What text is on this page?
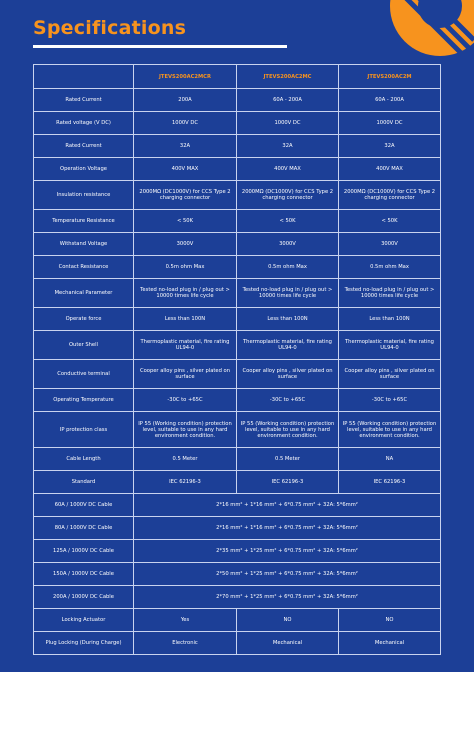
Specifications
	JTEVS200AC2MCR	JTEVS200AC2MC	JTEVS200AC2M
Rated Current	200A	60A - 200A	60A - 200A
Rated voltage (V DC)	1000V DC	1000V DC	1000V DC
Rated Current	32A	32A	32A
Operation Voltage	400V MAX	400V MAX	400V MAX
Insulation resistance	2000MΩ (DC1000V) for CCS Type 2 charging connector	2000MΩ (DC1000V) for CCS Type 2 charging connector	2000MΩ (DC1000V) for CCS Type 2 charging connector
Temperature Resistance	< 50K	< 50K	< 50K
Withstand Voltage	3000V	3000V	3000V
Contact Resistance	0.5m ohm Max	0.5m ohm Max	0.5m ohm Max
Mechanical Parameter	Tested no-load plug in / plug out > 10000 times life cycle	Tested no-load plug in / plug out > 10000 times life cycle	Tested no-load plug in / plug out > 10000 times life cycle
Operate force	Less than 100N	Less than 100N	Less than 100N
Outer Shell	Thermoplastic material, fire rating UL94-0	Thermoplastic material, fire rating UL94-0	Thermoplastic material, fire rating UL94-0
Conductive terminal	Cooper alloy pins , silver plated on surface	Cooper alloy pins , silver plated on surface	Cooper alloy pins , silver plated on surface
Operating Temperature	-30C to +65C	-30C to +65C	-30C to +65C
IP protection class	IP 55 (Working condition) protection level, suitable to use in any hard environment condition.	IP 55 (Working condition) protection level, suitable to use in any hard environment condition.	IP 55 (Working condition) protection level, suitable to use in any hard environment condition.
Cable Length	0.5 Meter	0.5 Meter	NA
Standard	IEC 62196-3	IEC 62196-3	IEC 62196-3
60A / 1000V DC Cable	2*16 mm² + 1*16 mm² + 6*0.75 mm² + 32A: 5*6mm²		
80A / 1000V DC Cable	2*16 mm² + 1*16 mm² + 6*0.75 mm² + 32A: 5*6mm²		
125A / 1000V DC Cable	2*35 mm² + 1*25 mm² + 6*0.75 mm² + 32A: 5*6mm²		
150A / 1000V DC Cable	2*50 mm² + 1*25 mm² + 6*0.75 mm² + 32A: 5*6mm²		
200A / 1000V DC Cable	2*70 mm² + 1*25 mm² + 6*0.75 mm² + 32A: 5*6mm²		
Locking Actuator	Yes	NO	NO
Plug Locking (During Charge)	Electronic	Mechanical	Mechanical
